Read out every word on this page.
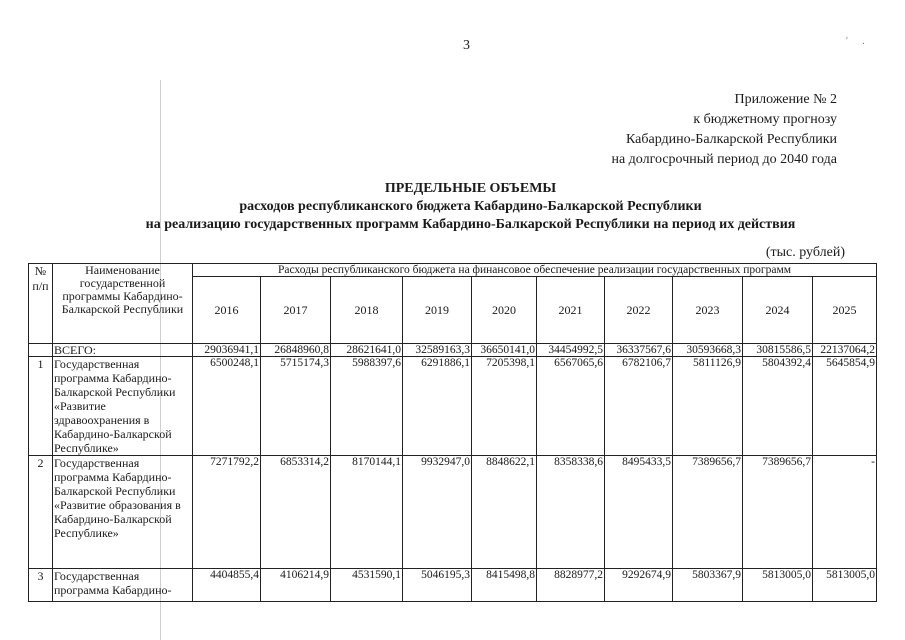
3	' .
Приложение № 2
к бюджетному прогнозу
Кабардино-Балкарской Республики
на долгосрочный период до 2040 года
ПРЕДЕЛЬНЫЕ ОБЪЕМЫ
расходов республиканского бюджета Кабардино-Балкарской Республики
на реализацию государственных программ Кабардино-Балкарской Республики на период их действия
(тыс. рублей)
№ п/п	Наименование государственной программы Кабардино-Балкарской Республики	Расходы республиканского бюджета на финансовое обеспечение реализации государственных программ									
		2016	2017	2018	2019	2020	2021	2022	2023	2024	2025
	ВСЕГО:	29036941,1	26848960,8	28621641,0	32589163,3	36650141,0	34454992,5	36337567,6	30593668,3	30815586,5	22137064,2
1	Государственная программа Кабардино-Балкарской Республики «Развитие здравоохранения в Кабардино-Балкарской Республике»	6500248,1	5715174,3	5988397,6	6291886,1	7205398,1	6567065,6	6782106,7	5811126,9	5804392,4	5645854,9
2	Государственная программа Кабардино-Балкарской Республики «Развитие образования в Кабардино-Балкарской Республике»	7271792,2	6853314,2	8170144,1	9932947,0	8848622,1	8358338,6	8495433,5	7389656,7	7389656,7	-
3	Государственная программа Кабардино-	4404855,4	4106214,9	4531590,1	5046195,3	8415498,8	8828977,2	9292674,9	5803367,9	5813005,0	5813005,0
